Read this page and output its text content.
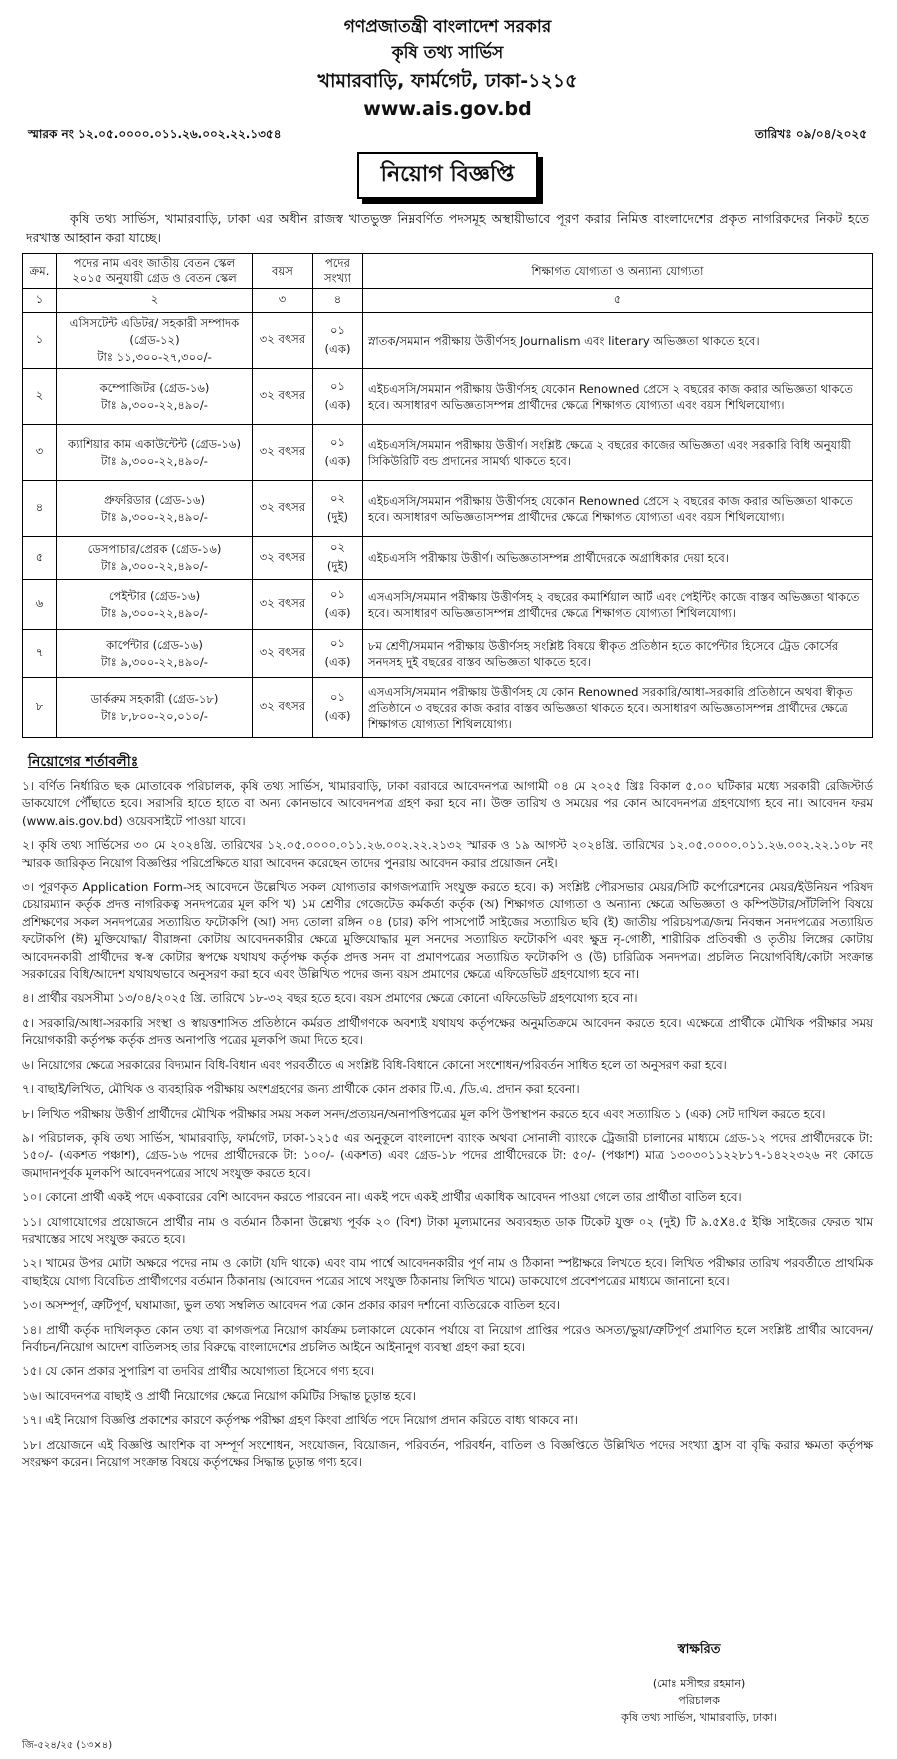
গণপ্রজাতন্ত্রী বাংলাদেশ সরকার
কৃষি তথ্য সার্ভিস
খামারবাড়ি, ফার্মগেট, ঢাকা-১২১৫
www.ais.gov.bd
স্মারক নং ১২.০৫.০০০০.০১১.২৬.০০২.২২.১৩৫৪	তারিখঃ ০৯/০৪/২০২৫
নিয়োগ বিজ্ঞপ্তি

কৃষি তথ্য সার্ভিস, খামারবাড়ি, ঢাকা এর অধীন রাজস্ব খাতভুক্ত নিম্নবর্ণিত পদসমূহ অস্থায়ীভাবে পূরণ করার নিমিত্ত বাংলাদেশের প্রকৃত নাগরিকদের নিকট হতে দরখাস্ত আহ্বান করা যাচ্ছে।

ক্রম.	পদের নাম এবং জাতীয় বেতন স্কেল ২০১৫ অনুযায়ী গ্রেড ও বেতন স্কেল	বয়স	পদের সংখ্যা	শিক্ষাগত যোগ্যতা ও অন্যান্য যোগ্যতা
১	২	৩	৪	৫

১	এসিসটেন্ট এডিটর/ সহকারী সম্পাদক (গ্রেড-১২)
টাঃ ১১,৩০০-২৭,৩০০/-	৩২ বৎসর	০১ (এক)	স্নাতক/সমমান পরীক্ষায় উত্তীর্ণসহ Journalism এবং literary অভিজ্ঞতা থাকতে হবে।

২	কম্পোজিটর (গ্রেড-১৬)
টাঃ ৯,৩০০-২২,৪৯০/-	৩২ বৎসর	০১ (এক)	এইচএসসি/সমমান পরীক্ষায় উত্তীর্ণসহ যেকোন Renowned প্রেসে ২ বছরের কাজ করার অভিজ্ঞতা থাকতে হবে। অসাধারণ অভিজ্ঞতাসম্পন্ন প্রার্থীদের ক্ষেত্রে শিক্ষাগত যোগ্যতা এবং বয়স শিথিলযোগ্য।

৩	ক্যাশিয়ার কাম একাউন্টেন্ট (গ্রেড-১৬)
টাঃ ৯,৩০০-২২,৪৯০/-	৩২ বৎসর	০১ (এক)	এইচএসসি/সমমান পরীক্ষায় উত্তীর্ণ। সংশ্লিষ্ট ক্ষেত্রে ২ বছরের কাজের অভিজ্ঞতা এবং সরকারি বিধি অনুযায়ী সিকিউরিটি বন্ড প্রদানের সামর্থ্য থাকতে হবে।

৪	প্রুফরিডার (গ্রেড-১৬)
টাঃ ৯,৩০০-২২,৪৯০/-	৩২ বৎসর	০২ (দুই)	এইচএসসি/সমমান পরীক্ষায় উত্তীর্ণসহ যেকোন Renowned প্রেসে ২ বছরের কাজ করার অভিজ্ঞতা থাকতে হবে। অসাধারণ অভিজ্ঞতাসম্পন্ন প্রার্থীদের ক্ষেত্রে শিক্ষাগত যোগ্যতা এবং বয়স শিথিলযোগ্য।

৫	ডেসপাচার/প্রেরক (গ্রেড-১৬)
টাঃ ৯,৩০০-২২,৪৯০/-	৩২ বৎসর	০২ (দুই)	এইচএসসি পরীক্ষায় উত্তীর্ণ। অভিজ্ঞতাসম্পন্ন প্রার্থীদেরকে অগ্রাধিকার দেয়া হবে।

৬	পেইন্টার (গ্রেড-১৬)
টাঃ ৯,৩০০-২২,৪৯০/-	৩২ বৎসর	০১ (এক)	এসএসসি/সমমান পরীক্ষায় উত্তীর্ণসহ ২ বছরের কমার্শিয়াল আর্ট এবং পেইন্টিং কাজে বাস্তব অভিজ্ঞতা থাকতে হবে। অসাধারণ অভিজ্ঞতাসম্পন্ন প্রার্থীদের ক্ষেত্রে শিক্ষাগত যোগ্যতা শিথিলযোগ্য।

৭	কার্পেন্টার (গ্রেড-১৬)
টাঃ ৯,৩০০-২২,৪৯০/-	৩২ বৎসর	০১ (এক)	৮ম শ্রেণী/সমমান পরীক্ষায় উত্তীর্ণসহ সংশ্লিষ্ট বিষয়ে স্বীকৃত প্রতিষ্ঠান হতে কার্পেন্টার হিসেবে ট্রেড কোর্সের সনদসহ দুই বছরের বাস্তব অভিজ্ঞতা থাকতে হবে।

৮	ডার্করুম সহকারী (গ্রেড-১৮)
টাঃ ৮,৮০০-২০,০১০/-	৩২ বৎসর	০১ (এক)	এসএসসি/সমমান পরীক্ষায় উত্তীর্ণসহ যে কোন Renowned সরকারি/আধা-সরকারি প্রতিষ্ঠানে অথবা স্বীকৃত প্রতিষ্ঠানে ৩ বছরের কাজ করার বাস্তব অভিজ্ঞতা থাকতে হবে। অসাধারণ অভিজ্ঞতাসম্পন্ন প্রার্থীদের ক্ষেত্রে শিক্ষাগত যোগ্যতা শিথিলযোগ্য।
নিয়োগের শর্তাবলীঃ

১। বর্ণিত নির্ধারিত ছক মোতাবেক পরিচালক, কৃষি তথ্য সার্ভিস, খামারবাড়ি, ঢাকা বরাবরে আবেদনপত্র আগামী ০৪ মে ২০২৫ খ্রিঃ বিকাল ৫.০০ ঘটিকার মধ্যে সরকারী রেজিস্টার্ড ডাকযোগে পৌঁছাতে হবে। সরাসরি হাতে হাতে বা অন্য কোনভাবে আবেদনপত্র গ্রহণ করা হবে না। উক্ত তারিখ ও সময়ের পর কোন আবেদনপত্র গ্রহণযোগ্য হবে না। আবেদন ফরম (www.ais.gov.bd) ওয়েবসাইটে পাওয়া যাবে।

২। কৃষি তথ্য সার্ভিসের ৩০ মে ২০২৪খ্রি. তারিখের ১২.০৫.০০০০.০১১.২৬.০০২.২২.২১৩২ স্মারক ও ১৯ আগস্ট ২০২৪খ্রি. তারিখের ১২.০৫.০০০০.০১১.২৬.০০২.২২.১০৮ নং স্মারক জারিকৃত নিয়োগ বিজ্ঞপ্তির পরিপ্রেক্ষিতে যারা আবেদন করেছেন তাদের পুনরায় আবেদন করার প্রয়োজন নেই।

৩। পূরণকৃত Application Form-সহ আবেদনে উল্লেখিত সকল যোগ্যতার কাগজপত্রাদি সংযুক্ত করতে হবে। ক) সংশ্লিষ্ট পৌরসভার মেয়র/সিটি কর্পোরেশনের মেয়র/ইউনিয়ন পরিষদ চেয়ারম্যান কর্তৃক প্রদত্ত নাগরিকত্ব সনদপত্রের মূল কপি খ) ১ম শ্রেণীর গেজেটেড কর্মকর্তা কর্তৃক (অ) শিক্ষাগত যোগ্যতা ও অন্যান্য ক্ষেত্রে অভিজ্ঞতা ও কম্পিউটার/সাঁটলিপি বিষয়ে প্রশিক্ষণের সকল সনদপত্রের সত্যায়িত ফটোকপি (আ) সদ্য তোলা রঙ্গিন ০৪ (চার) কপি পাসপোর্ট সাইজের সত্যায়িত ছবি (ই) জাতীয় পরিচয়পত্র/জন্ম নিবন্ধন সনদপত্রের সত্যায়িত ফটোকপি (ঈ) মুক্তিযোদ্ধা/ বীরাঙ্গনা কোটায় আবেদনকারীর ক্ষেত্রে মুক্তিযোদ্ধার মূল সনদের সত্যায়িত ফটোকপি এবং ক্ষুদ্র নৃ-গোষ্ঠী, শারীরিক প্রতিবন্ধী ও তৃতীয় লিঙ্গের কোটায় আবেদনকারী প্রার্থীদের স্ব-স্ব কোটার স্বপক্ষে যথাযথ কর্তৃপক্ষ কর্তৃক প্রদত্ত সনদ বা প্রমাণপত্রের সত্যায়িত ফটোকপি ও (উ) চারিত্রিক সনদপত্র। প্রচলিত নিয়োগবিধি/কোটা সংক্রান্ত সরকারের বিধি/আদেশ যথাযথভাবে অনুসরণ করা হবে এবং উল্লিখিত পদের জন্য বয়স প্রমাণের ক্ষেত্রে এফিডেভিট গ্রহণযোগ্য হবে না।

৪। প্রার্থীর বয়সসীমা ১৩/০৪/২০২৫ খ্রি. তারিখে ১৮-৩২ বছর হতে হবে। বয়স প্রমাণের ক্ষেত্রে কোনো এফিডেভিট গ্রহণযোগ্য হবে না।

৫। সরকারি/আধা-সরকারি সংস্থা ও স্বায়ত্তশাসিত প্রতিষ্ঠানে কর্মরত প্রার্থীগণকে অবশ্যই যথাযথ কর্তৃপক্ষের অনুমতিক্রমে আবেদন করতে হবে। এক্ষেত্রে প্রার্থীকে মৌখিক পরীক্ষার সময় নিয়োগকারী কর্তৃপক্ষ কর্তৃক প্রদত্ত অনাপত্তি পত্রের মূলকপি জমা দিতে হবে।

৬। নিয়োগের ক্ষেত্রে সরকারের বিদ্যমান বিধি-বিধান এবং পরবর্তীতে এ সংশ্লিষ্ট বিধি-বিধানে কোনো সংশোধন/পরিবর্তন সাধিত হলে তা অনুসরণ করা হবে।

৭। বাছাই/লিখিত, মৌখিক ও ব্যবহারিক পরীক্ষায় অংশগ্রহণের জন্য প্রার্থীকে কোন প্রকার টি.এ. /ডি.এ. প্রদান করা হবেনা।

৮। লিখিত পরীক্ষায় উত্তীর্ণ প্রার্থীদের মৌখিক পরীক্ষার সময় সকল সনদ/প্রত্যয়ন/অনাপত্তিপত্রের মূল কপি উপস্থাপন করতে হবে এবং সত্যায়িত ১ (এক) সেট দাখিল করতে হবে।

৯। পরিচালক, কৃষি তথ্য সার্ভিস, খামারবাড়ি, ফার্মগেট, ঢাকা-১২১৫ এর অনুকূলে বাংলাদেশ ব্যাংক অথবা সোনালী ব্যাংকে ট্রেজারী চালানের মাধ্যমে গ্রেড-১২ পদের প্রার্থীদেরকে টা: ১৫০/- (একশত পঞ্চাশ), গ্রেড-১৬ পদের প্রার্থীদেরকে টা: ১০০/- (একশত) এবং গ্রেড-১৮ পদের প্রার্থীদেরকে টা: ৫০/- (পঞ্চাশ) মাত্র ১৩০৩০১১২২৮১৭-১৪২২৩২৬ নং কোডে জমাদানপূর্বক মূলকপি আবেদনপত্রের সাথে সংযুক্ত করতে হবে।

১০। কোনো প্রার্থী একই পদে একবারের বেশি আবেদন করতে পারবেন না। একই পদে একই প্রার্থীর একাধিক আবেদন পাওয়া গেলে তার প্রার্থীতা বাতিল হবে।

১১। যোগাযোগের প্রয়োজনে প্রার্থীর নাম ও বর্তমান ঠিকানা উল্লেখ্য পূর্বক ২০ (বিশ) টাকা মূল্যমানের অব্যবহৃত ডাক টিকেট যুক্ত ০২ (দুই) টি ৯.৫X৪.৫ ইঞ্চি সাইজের ফেরত খাম দরখাস্তের সাথে সংযুক্ত করতে হবে।

১২। খামের উপর মোটা অক্ষরে পদের নাম ও কোটা (যদি থাকে) এবং বাম পার্শ্বে আবেদনকারীর পূর্ণ নাম ও ঠিকানা স্পষ্টাক্ষরে লিখতে হবে। লিখিত পরীক্ষার তারিখ পরবর্তীতে প্রাথমিক বাছাইয়ে যোগ্য বিবেচিত প্রার্থীগণের বর্তমান ঠিকানায় (আবেদন পত্রের সাথে সংযুক্ত ঠিকানায় লিখিত খামে) ডাকযোগে প্রবেশপত্রের মাধ্যমে জানানো হবে।

১৩। অসম্পূর্ণ, ত্রুটিপূর্ণ, ঘষামাজা, ভুল তথ্য সম্বলিত আবেদন পত্র কোন প্রকার কারণ দর্শানো ব্যতিরেকে বাতিল হবে।

১৪। প্রার্থী কর্তৃক দাখিলকৃত কোন তথ্য বা কাগজপত্র নিয়োগ কার্যক্রম চলাকালে যেকোন পর্যায়ে বা নিয়োগ প্রাপ্তির পরেও অসত্য/ভুয়া/ত্রুটিপূর্ণ প্রমাণিত হলে সংশ্লিষ্ট প্রার্থীর আবেদন/নির্বাচন/নিয়োগ আদেশ বাতিলসহ তার বিরুদ্ধে বাংলাদেশের প্রচলিত আইনে আইনানুগ ব্যবস্থা গ্রহণ করা হবে।

১৫। যে কোন প্রকার সুপারিশ বা তদবির প্রার্থীর অযোগ্যতা হিসেবে গণ্য হবে।

১৬। আবেদনপত্র বাছাই ও প্রার্থী নিয়োগের ক্ষেত্রে নিয়োগ কমিটির সিদ্ধান্ত চূড়ান্ত হবে।

১৭। এই নিয়োগ বিজ্ঞপ্তি প্রকাশের কারণে কর্তৃপক্ষ পরীক্ষা গ্রহণ কিংবা প্রার্থিত পদে নিয়োগ প্রদান করিতে বাধ্য থাকবে না।

১৮। প্রয়োজনে এই বিজ্ঞপ্তি আংশিক বা সম্পূর্ণ সংশোধন, সংযোজন, বিয়োজন, পরিবর্তন, পরিবর্ধন, বাতিল ও বিজ্ঞপ্তিতে উল্লিখিত পদের সংখ্যা হ্রাস বা বৃদ্ধি করার ক্ষমতা কর্তৃপক্ষ সংরক্ষণ করেন। নিয়োগ সংক্রান্ত বিষয়ে কর্তৃপক্ষের সিদ্ধান্ত চূড়ান্ত গণ্য হবে।

স্বাক্ষরিত
(মোঃ মসীহুর রহমান)
পরিচালক
কৃষি তথ্য সার্ভিস, খামারবাড়ি, ঢাকা।
জি-৫২৪/২৫ (১৩×৪)
